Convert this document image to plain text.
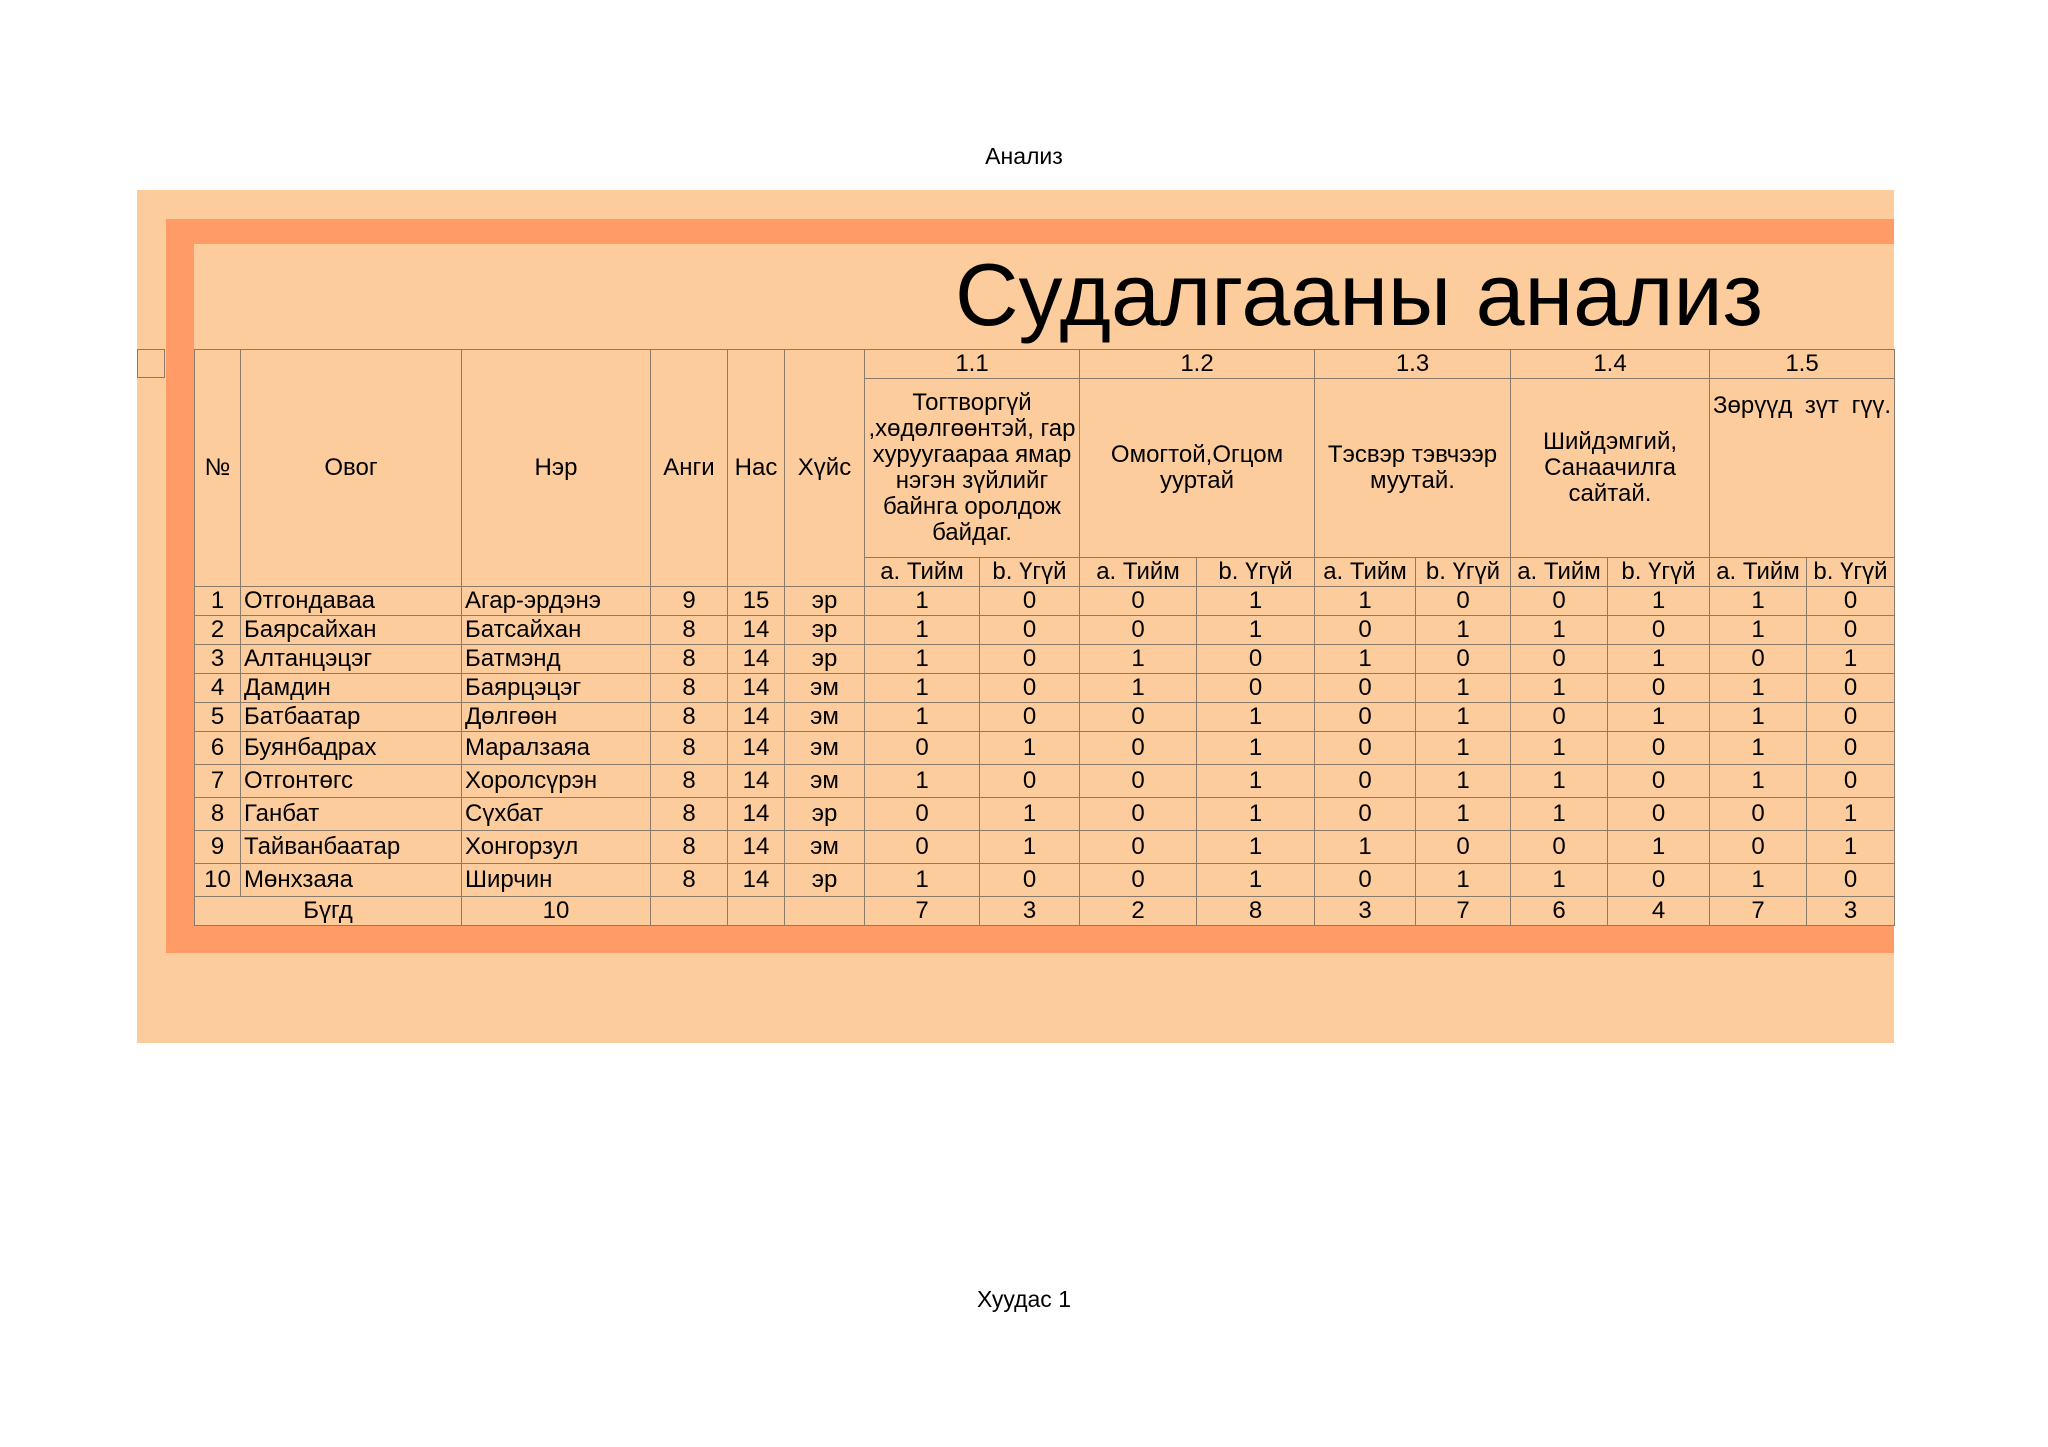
Анализ
Судалгааны анализ
№	Овог	Нэр	Анги	Нас	Хүйс	1.1		1.2		1.3		1.4		1.5	
						Тогтворгүй ,хөдөлгөөнтэй, гар хуруугаараа ямар нэгэн зүйлийг байнга оролдож байдаг.		Омогтой,Огцом ууртай		Тэсвэр тэвчээр муутай.		Шийдэмгий, Санаачилга сайтай.		Зөрүүд зүт гүү.	
						a. Тийм	b. Үгүй	a. Тийм	b. Үгүй	a. Тийм	b. Үгүй	a. Тийм	b. Үгүй	a. Тийм	b. Үгүй
1	Отгондаваа	Агар-эрдэнэ	9	15	эр	1	0	0	1	1	0	0	1	1	0
2	Баярсайхан	Батсайхан	8	14	эр	1	0	0	1	0	1	1	0	1	0
3	Алтанцэцэг	Батмэнд	8	14	эр	1	0	1	0	1	0	0	1	0	1
4	Дамдин	Баярцэцэг	8	14	эм	1	0	1	0	0	1	1	0	1	0
5	Батбаатар	Дөлгөөн	8	14	эм	1	0	0	1	0	1	0	1	1	0
6	Буянбадрах	Маралзаяа	8	14	эм	0	1	0	1	0	1	1	0	1	0
7	Отгонтөгс	Хоролсүрэн	8	14	эм	1	0	0	1	0	1	1	0	1	0
8	Ганбат	Сүхбат	8	14	эр	0	1	0	1	0	1	1	0	0	1
9	Тайванбаатар	Хонгорзул	8	14	эм	0	1	0	1	1	0	0	1	0	1
10	Мөнхзаяа	Ширчин	8	14	эр	1	0	0	1	0	1	1	0	1	0
Бүгд		10				7	3	2	8	3	7	6	4	7	3
Хуудас 1
